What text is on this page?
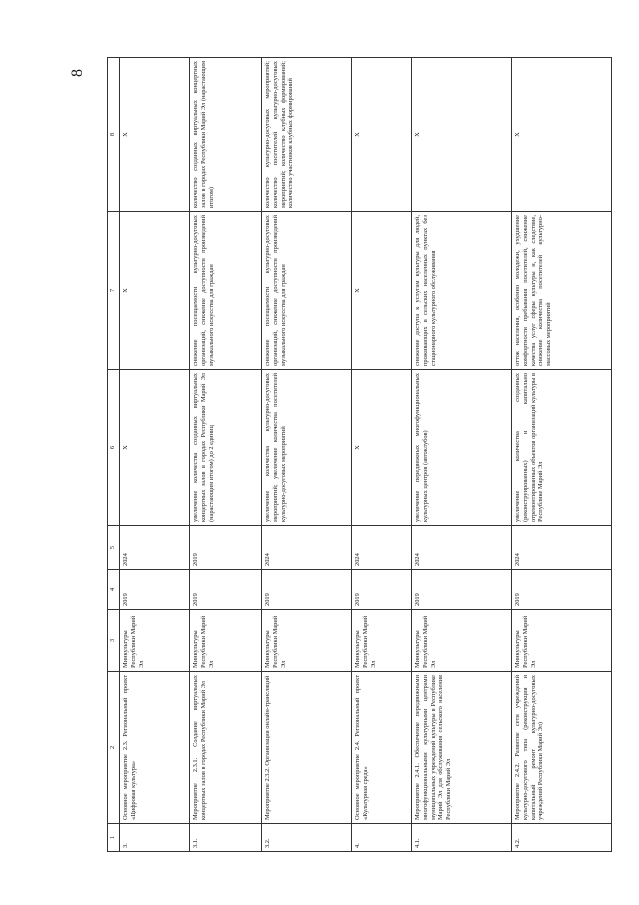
8
1	2	3	4	5	6	7	8
3.	Основное мероприятие 2.3. Региональный проект «Цифровая культура»	Минкультуры Республики Марий Эл	2019	2024	X	X	X
3.1.	Мероприятие 2.3.1. Создание виртуальных концертных залов в городах Республики Марий Эл	Минкультуры Республики Марий Эл	2019	2019	увеличение количества созданных виртуальных концертных залов в городах Республики Марий Эл (нарастающим итогом) до 2 единиц	снижение посещаемости культурно-досуговых организаций, снижение доступности произведений музыкального искусства для граждан	количество созданных виртуальных концертных залов в городах Республики Марий Эл (нарастающим итогом)
3.2.	Мероприятие 2.3.2. Организация онлайн-трансляций	Минкультуры Республики Марий Эл	2019	2024	увеличение количества культурно-досуговых мероприятий; увеличение количества посетителей культурно-досуговых мероприятий	снижение посещаемости культурно-досуговых организаций, снижение доступности произведений музыкального искусства для граждан	количество культурно-досуговых мероприятий; количество посетителей культурно-досуговых мероприятий; количество клубных формирований; количество участников клубных формирований
4.	Основное мероприятие 2.4. Региональный проект «Культурная среда»	Минкультуры Республики Марий Эл	2019	2024	X	X	X
4.1.	Мероприятие 2.4.1. Обеспечение передвижными многофункциональными культурными центрами муниципальных учреждений культуры в Республике Марий Эл для обслуживания сельского населения Республики Марий Эл	Минкультуры Республики Марий Эл	2019	2024	увеличение передвижных многофункциональных культурных центров (автоклубов)	снижение доступа к услугам культуры для людей, проживающих в сельских населенных пунктах без стационарного культурного обслуживания	X
4.2.	Мероприятие 2.4.2. Развитие сети учреждений культурно-досугового типа (реконструкция и капитальный ремонт культурно-досуговых учреждений Республики Марий Эл)	Минкультуры Республики Марий Эл	2019	2024	увеличение количества созданных (реконструированных) и капитально отремонтированных объектов организаций культуры в Республике Марий Эл	отток населения, особенно молодежи, ухудшение комфортности пребывания посетителей, снижение качества услуг сферы культуры и, как следствие, снижение количества посетителей культурно-массовых мероприятий	X
